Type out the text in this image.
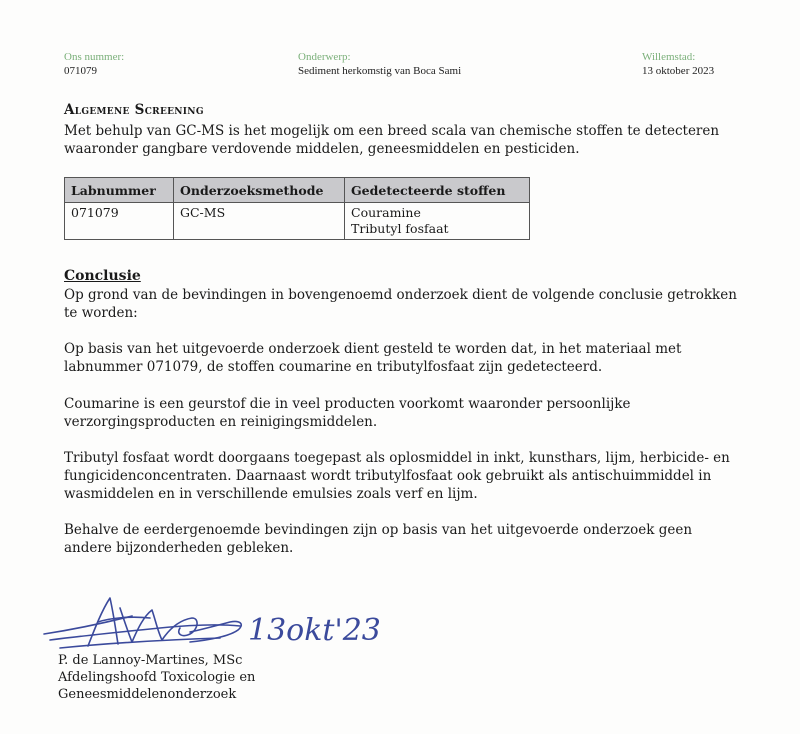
Ons nummer:
071079
Onderwerp:
Sediment herkomstig van Boca Sami
Willemstad:
13 oktober 2023
Algemene Screening

Met behulp van GC-MS is het mogelijk om een breed scala van chemische stoffen te detecteren waaronder gangbare verdovende middelen, geneesmiddelen en pesticiden.

Labnummer	Onderzoeksmethode	Gedetecteerde stoffen
071079	GC-MS	Couramine
Tributyl fosfaat
Conclusie

Op grond van de bevindingen in bovengenoemd onderzoek dient de volgende conclusie getrokken te worden:

Op basis van het uitgevoerde onderzoek dient gesteld te worden dat, in het materiaal met labnummer 071079, de stoffen coumarine en tributylfosfaat zijn gedetecteerd.

Coumarine is een geurstof die in veel producten voorkomt waaronder persoonlijke verzorgingsproducten en reinigingsmiddelen.

Tributyl fosfaat wordt doorgaans toegepast als oplosmiddel in inkt, kunsthars, lijm, herbicide- en fungicidenconcentraten. Daarnaast wordt tributylfosfaat ook gebruikt als antischuimmiddel in wasmiddelen en in verschillende emulsies zoals verf en lijm.

Behalve de eerdergenoemde bevindingen zijn op basis van het uitgevoerde onderzoek geen andere bijzonderheden gebleken.

13okt'23
P. de Lannoy-Martines, MSc
Afdelingshoofd Toxicologie en
Geneesmiddelenonderzoek
